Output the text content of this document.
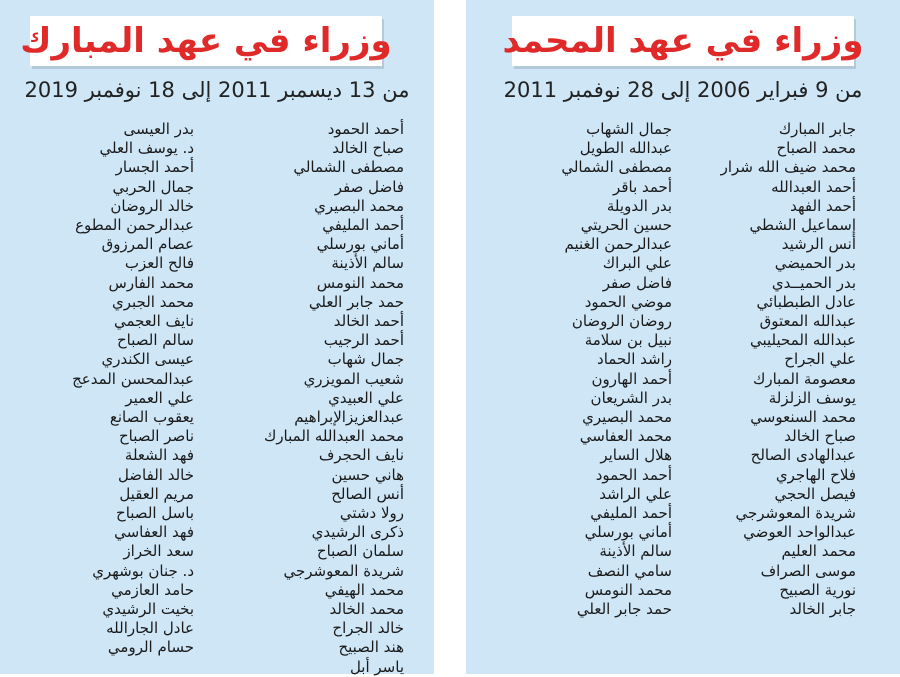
وزراء في عهد المبارك
من 13 ديسمبر 2011 إلى 18 نوفمبر 2019
أحمد الحمود
صباح الخالد
مصطفى الشمالي
فاضل صفر
محمد البصيري
أحمد المليفي
أماني بورسلي
سالم الأذينة
محمد النومس
حمد جابر العلي
أحمد الخالد
أحمد الرجيب
جمال شهاب
شعيب المويزري
علي العبيدي
عبدالعزيزالإبراهيم
محمد العبدالله المبارك
نايف الحجرف
هاني حسين
أنس الصالح
رولا دشتي
ذكرى الرشيدي
سلمان الصباح
شريدة المعوشرجي
محمد الهيفي
محمد الخالد
خالد الجراح
هند الصبيح
ياسر أبل
بدر العيسى
د. يوسف العلي
أحمد الجسار
جمال الحربي
خالد الروضان
عبدالرحمن المطوع
عصام المرزوق
فالح العزب
محمد الفارس
محمد الجبري
نايف العجمي
سالم الصباح
عيسى الكندري
عبدالمحسن المدعج
علي العمير
يعقوب الصانع
ناصر الصباح
فهد الشعلة
خالد الفاضل
مريم العقيل
باسل الصباح
فهد العفاسي
سعد الخراز
د. جنان بوشهري
حامد العازمي
بخيت الرشيدي
عادل الجارالله
حسام الرومي
وزراء في عهد المحمد
من 9 فبراير 2006 إلى 28 نوفمبر 2011
جابر المبارك
محمد الصباح
محمد ضيف الله شرار
أحمد العبدالله
أحمد الفهد
إسماعيل الشطي
أنس الرشيد
بدر الحميضي
بدر الحميــدي
عادل الطبطبائي
عبدالله المعتوق
عبدالله المحيليبي
علي الجراح
معصومة المبارك
يوسف الزلزلة
محمد السنعوسي
صباح الخالد
عبدالهادى الصالح
فلاح الهاجري
فيصل الحجي
شريدة المعوشرجي
عبدالواحد العوضي
محمد العليم
موسى الصراف
نورية الصبيح
جابر الخالد
جمال الشهاب
عبدالله الطويل
مصطفى الشمالي
أحمد باقر
بدر الدويلة
حسين الحريتي
عبدالرحمن الغنيم
علي البراك
فاضل صفر
موضي الحمود
روضان الروضان
نبيل بن سلامة
راشد الحماد
أحمد الهارون
بدر الشريعان
محمد البصيري
محمد العفاسي
هلال الساير
أحمد الحمود
علي الراشد
أحمد المليفي
أماني بورسلي
سالم الأذينة
سامي النصف
محمد النومس
حمد جابر العلي
